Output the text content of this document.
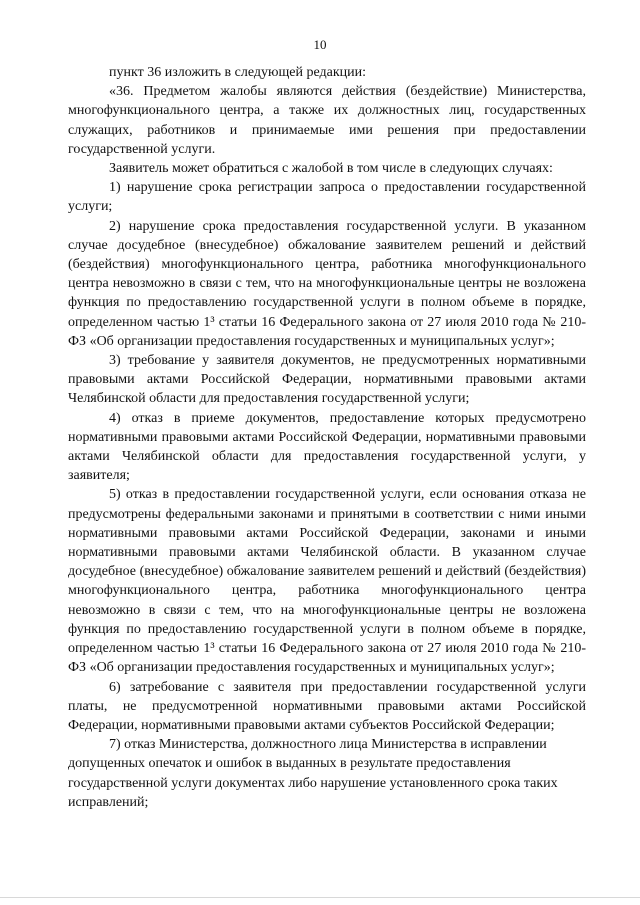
10

пункт 36 изложить в следующей редакции:

«36. Предметом жалобы являются действия (бездействие) Министерства, многофункционального центра, а также их должностных лиц, государственных служащих, работников и принимаемые ими решения при предоставлении государственной услуги.

Заявитель может обратиться с жалобой в том числе в следующих случаях:

1) нарушение срока регистрации запроса о предоставлении государственной услуги;

2) нарушение срока предоставления государственной услуги. В указанном случае досудебное (внесудебное) обжалование заявителем решений и действий (бездействия) многофункционального центра, работника многофункционального центра невозможно в связи с тем, что на многофункциональные центры не возложена функция по предоставлению государственной услуги в полном объеме в порядке, определенном частью 1³ статьи 16 Федерального закона от 27 июля 2010 года № 210-ФЗ «Об организации предоставления государственных и муниципальных услуг»;

3) требование у заявителя документов, не предусмотренных нормативными правовыми актами Российской Федерации, нормативными правовыми актами Челябинской области для предоставления государственной услуги;

4) отказ в приеме документов, предоставление которых предусмотрено нормативными правовыми актами Российской Федерации, нормативными правовыми актами Челябинской области для предоставления государственной услуги, у заявителя;

5) отказ в предоставлении государственной услуги, если основания отказа не предусмотрены федеральными законами и принятыми в соответствии с ними иными нормативными правовыми актами Российской Федерации, законами и иными нормативными правовыми актами Челябинской области. В указанном случае досудебное (внесудебное) обжалование заявителем решений и действий (бездействия) многофункционального центра, работника многофункционального центра невозможно в связи с тем, что на многофункциональные центры не возложена функция по предоставлению государственной услуги в полном объеме в порядке, определенном частью 1³ статьи 16 Федерального закона от 27 июля 2010 года № 210-ФЗ «Об организации предоставления государственных и муниципальных услуг»;

6) затребование с заявителя при предоставлении государственной услуги платы, не предусмотренной нормативными правовыми актами Российской Федерации, нормативными правовыми актами субъектов Российской Федерации;

7) отказ Министерства, должностного лица Министерства в исправлении допущенных опечаток и ошибок в выданных в результате предоставления государственной услуги документах либо нарушение установленного срока таких исправлений;
